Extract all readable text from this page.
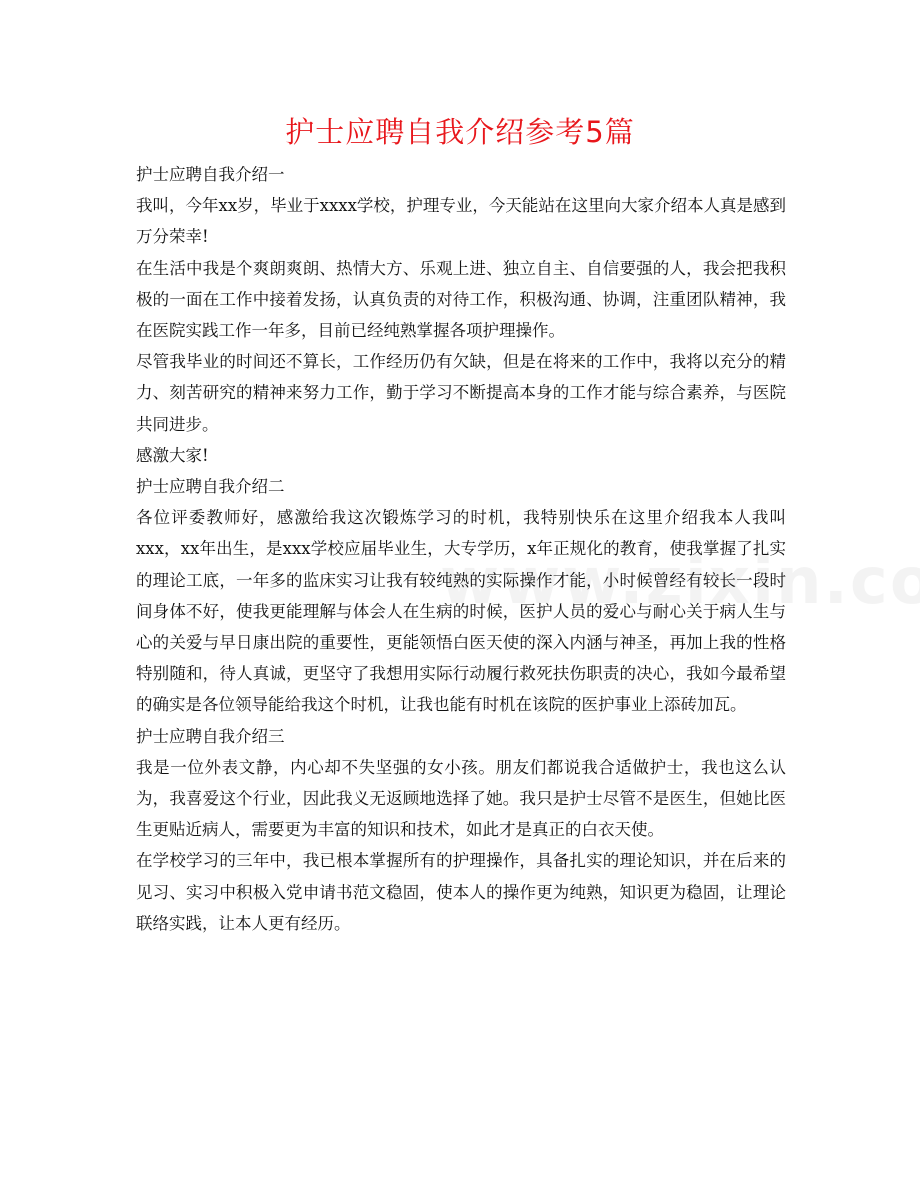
护士应聘自我介绍参考5篇

护士应聘自我介绍一

我叫，今年xx岁，毕业于xxxx学校，护理专业，今天能站在这里向大家介绍本人真是感到万分荣幸!

在生活中我是个爽朗爽朗、热情大方、乐观上进、独立自主、自信要强的人，我会把我积极的一面在工作中接着发扬，认真负责的对待工作，积极沟通、协调，注重团队精神，我在医院实践工作一年多，目前已经纯熟掌握各项护理操作。

尽管我毕业的时间还不算长，工作经历仍有欠缺，但是在将来的工作中，我将以充分的精力、刻苦研究的精神来努力工作，勤于学习不断提高本身的工作才能与综合素养，与医院共同进步。

感激大家!

护士应聘自我介绍二

各位评委教师好，感激给我这次锻炼学习的时机，我特别快乐在这里介绍我本人我叫xxx，xx年出生，是xxx学校应届毕业生，大专学历，x年正规化的教育，使我掌握了扎实的理论工底，一年多的监床实习让我有较纯熟的实际操作才能，小时候曾经有较长一段时间身体不好，使我更能理解与体会人在生病的时候，医护人员的爱心与耐心关于病人生与心的关爱与早日康出院的重要性，更能领悟白医天使的深入内涵与神圣，再加上我的性格特别随和，待人真诚，更坚守了我想用实际行动履行救死扶伤职责的决心，我如今最希望的确实是各位领导能给我这个时机，让我也能有时机在该院的医护事业上添砖加瓦。

护士应聘自我介绍三

我是一位外表文静，内心却不失坚强的女小孩。朋友们都说我合适做护士，我也这么认为，我喜爱这个行业，因此我义无返顾地选择了她。我只是护士尽管不是医生，但她比医生更贴近病人，需要更为丰富的知识和技术，如此才是真正的白衣天使。

在学校学习的三年中，我已根本掌握所有的护理操作，具备扎实的理论知识，并在后来的见习、实习中积极入党申请书范文稳固，使本人的操作更为纯熟，知识更为稳固，让理论联络实践，让本人更有经历。
